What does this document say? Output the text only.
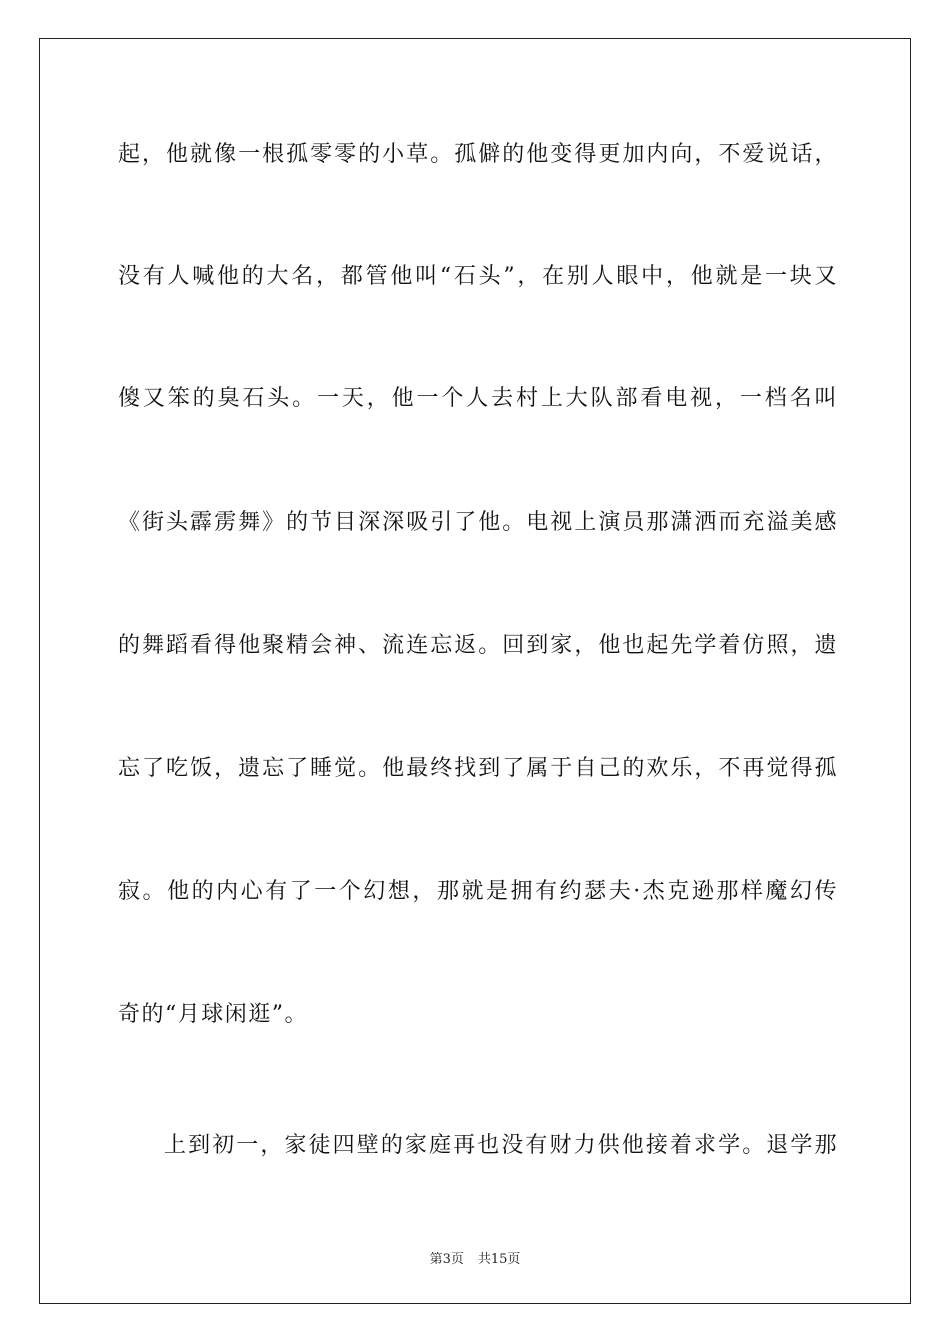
起，他就像一根孤零零的小草。孤僻的他变得更加内向，不爱说话，
没有人喊他的大名，都管他叫“石头”，在别人眼中，他就是一块又
傻又笨的臭石头。一天，他一个人去村上大队部看电视，一档名叫
《街头霹雳舞》的节目深深吸引了他。电视上演员那潇洒而充溢美感
的舞蹈看得他聚精会神、流连忘返。回到家，他也起先学着仿照，遗
忘了吃饭，遗忘了睡觉。他最终找到了属于自己的欢乐，不再觉得孤
寂。他的内心有了一个幻想，那就是拥有约瑟夫·杰克逊那样魔幻传
奇的“月球闲逛”。
上到初一，家徒四壁的家庭再也没有财力供他接着求学。退学那
第3页 共15页
